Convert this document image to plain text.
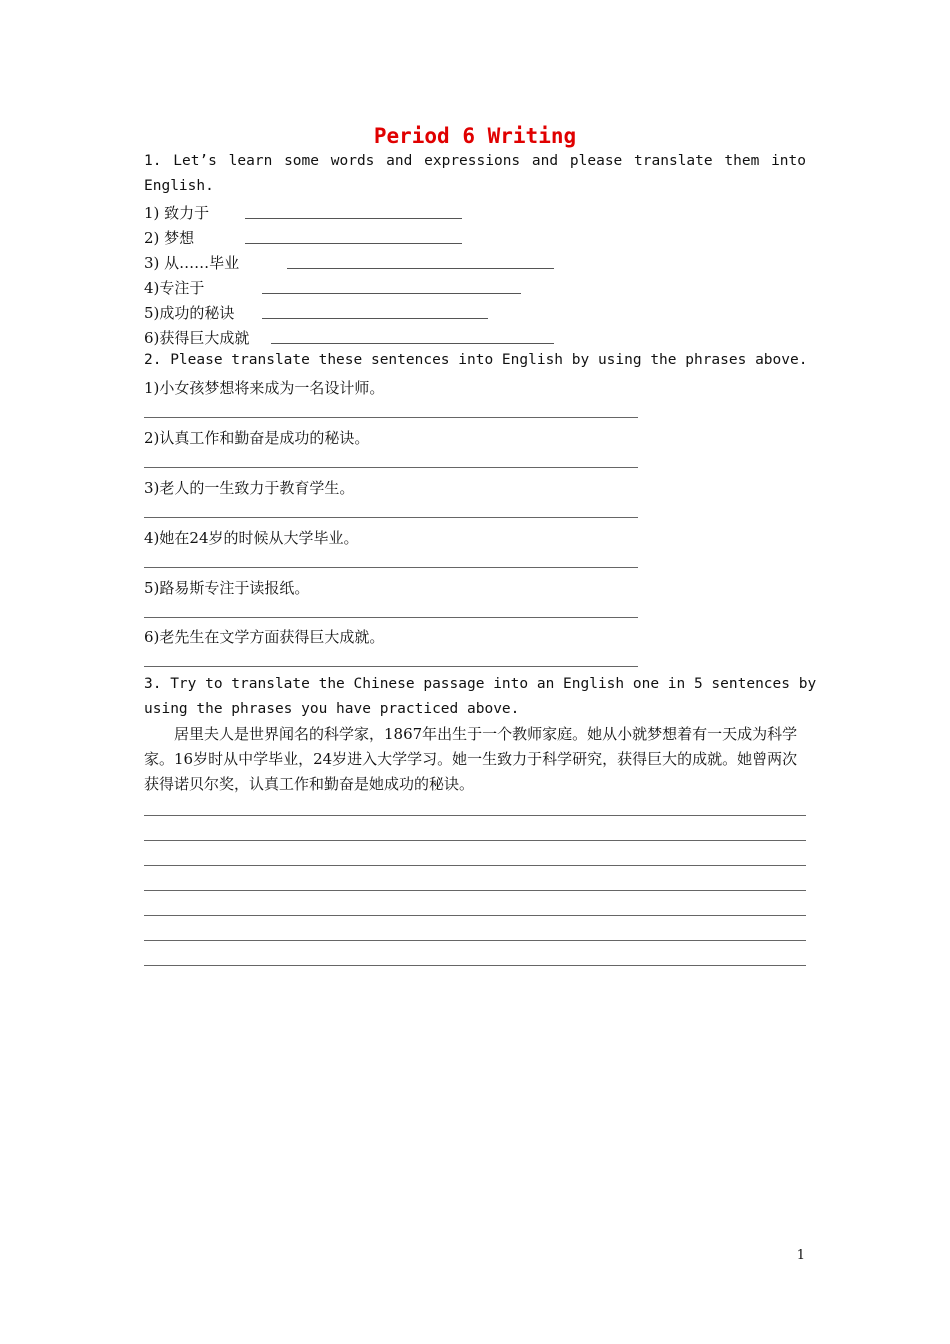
Period 6 Writing
1. Let’s learn some words and expressions and please translate them into
English.
1) 致力于
2) 梦想
3) 从……毕业
4)专注于
5)成功的秘诀
6)获得巨大成就
2. Please translate these sentences into English by using the phrases above.
1)小女孩梦想将来成为一名设计师。
2)认真工作和勤奋是成功的秘诀。
3)老人的一生致力于教育学生。
4)她在24岁的时候从大学毕业。
5)路易斯专注于读报纸。
6)老先生在文学方面获得巨大成就。
3. Try to translate the Chinese passage into an English one in 5 sentences by
using the phrases you have practiced above.
居里夫人是世界闻名的科学家，1867年出生于一个教师家庭。她从小就梦想着有一天成为科学家。16岁时从中学毕业，24岁进入大学学习。她一生致力于科学研究，获得巨大的成就。她曾两次获得诺贝尔奖，认真工作和勤奋是她成功的秘诀。
1
